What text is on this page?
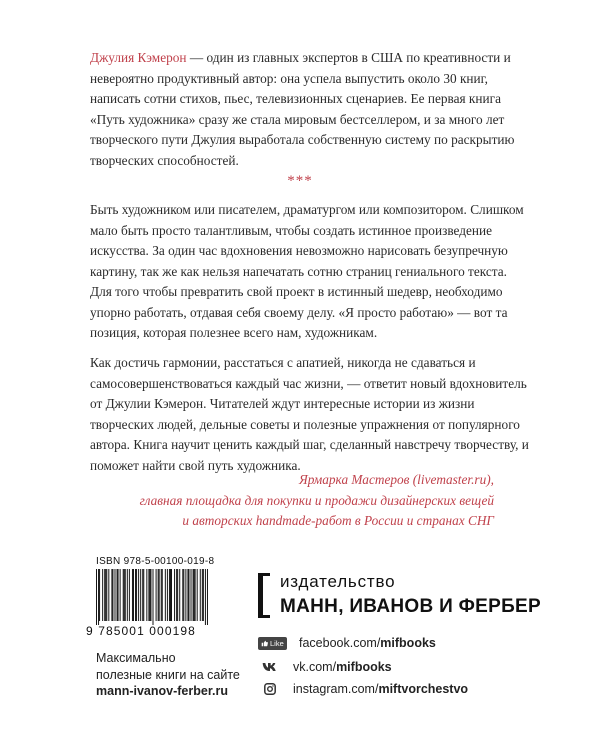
Джулия Кэмерон — один из главных экспертов в США по креативности и невероятно продуктивный автор: она успела выпустить около 30 книг, написать сотни стихов, пьес, телевизионных сценариев. Ее первая книга «Путь художника» сразу же стала мировым бестселлером, и за много лет творческого пути Джулия выработала собственную систему по раскрытию творческих способностей.

***

Быть художником или писателем, драматургом или композитором. Слишком мало быть просто талантливым, чтобы создать истинное произведение искусства. За один час вдохновения невозможно нарисовать безупречную картину, так же как нельзя напечатать сотню страниц гениального текста. Для того чтобы превратить свой проект в истинный шедевр, необходимо упорно работать, отдавая себя своему делу. «Я просто работаю» — вот та позиция, которая полезнее всего нам, художникам.

Как достичь гармонии, расстаться с апатией, никогда не сдаваться и самосовершенствоваться каждый час жизни, — ответит новый вдохновитель от Джулии Кэмерон. Читателей ждут интересные истории из жизни творческих людей, дельные советы и полезные упражнения от популярного автора. Книга научит ценить каждый шаг, сделанный навстречу творчеству, и поможет найти свой путь художника.

Ярмарка Мастеров (livemaster.ru),
главная площадка для покупки и продажи дизайнерских вещей
и авторских handmade-работ в России и странах СНГ
ISBN 978-5-00100-019-8
9 785001 000198
Максимально
полезные книги на сайте
mann-ivanov-ferber.ru
издательство
МАНН, ИВАНОВ И ФЕРБЕР
Like facebook.com/mifbooks
vk.com/mifbooks
instagram.com/miftvorchestvo
